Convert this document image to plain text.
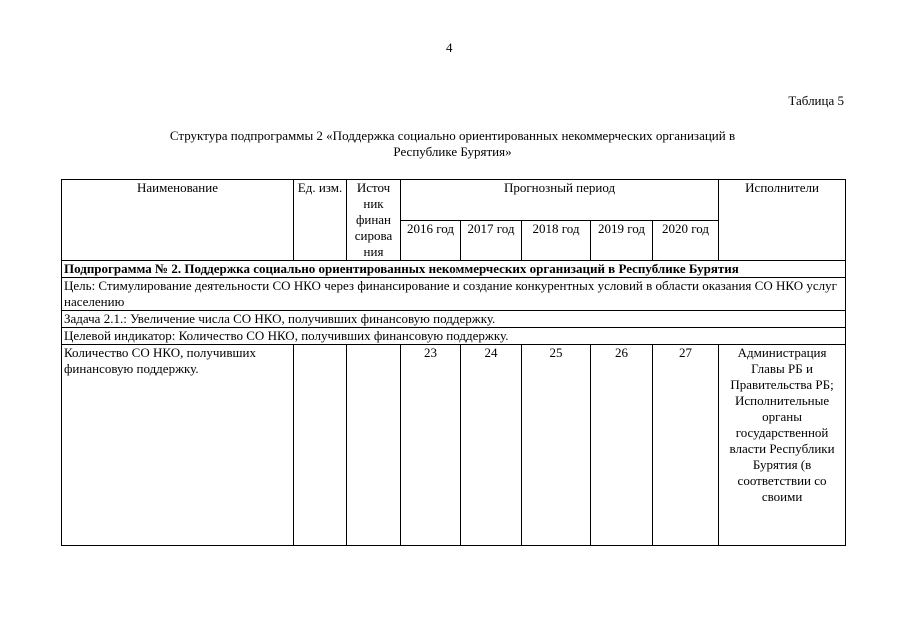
4
Таблица 5
Структура подпрограммы 2 «Поддержка социально ориентированных некоммерческих организаций в
Республике Бурятия»
Наименование	Ед. изм.	Источ ник финан сирова ния	Прогнозный период					Исполнители
			2016 год	2017 год	2018 год	2019 год	2020 год	
Подпрограмма № 2. Поддержка социально ориентированных некоммерческих организаций в Республике Бурятия								
Цель: Стимулирование деятельности СО НКО через финансирование и создание конкурентных условий в области оказания СО НКО услуг населению								
Задача 2.1.: Увеличение числа СО НКО, получивших финансовую поддержку.								
Целевой индикатор: Количество СО НКО, получивших финансовую поддержку.								
Количество СО НКО, получивших финансовую поддержку.			23	24	25	26	27	Администрация Главы РБ и Правительства РБ; Исполнительные органы государственной власти Республики Бурятия (в соответствии со своими
